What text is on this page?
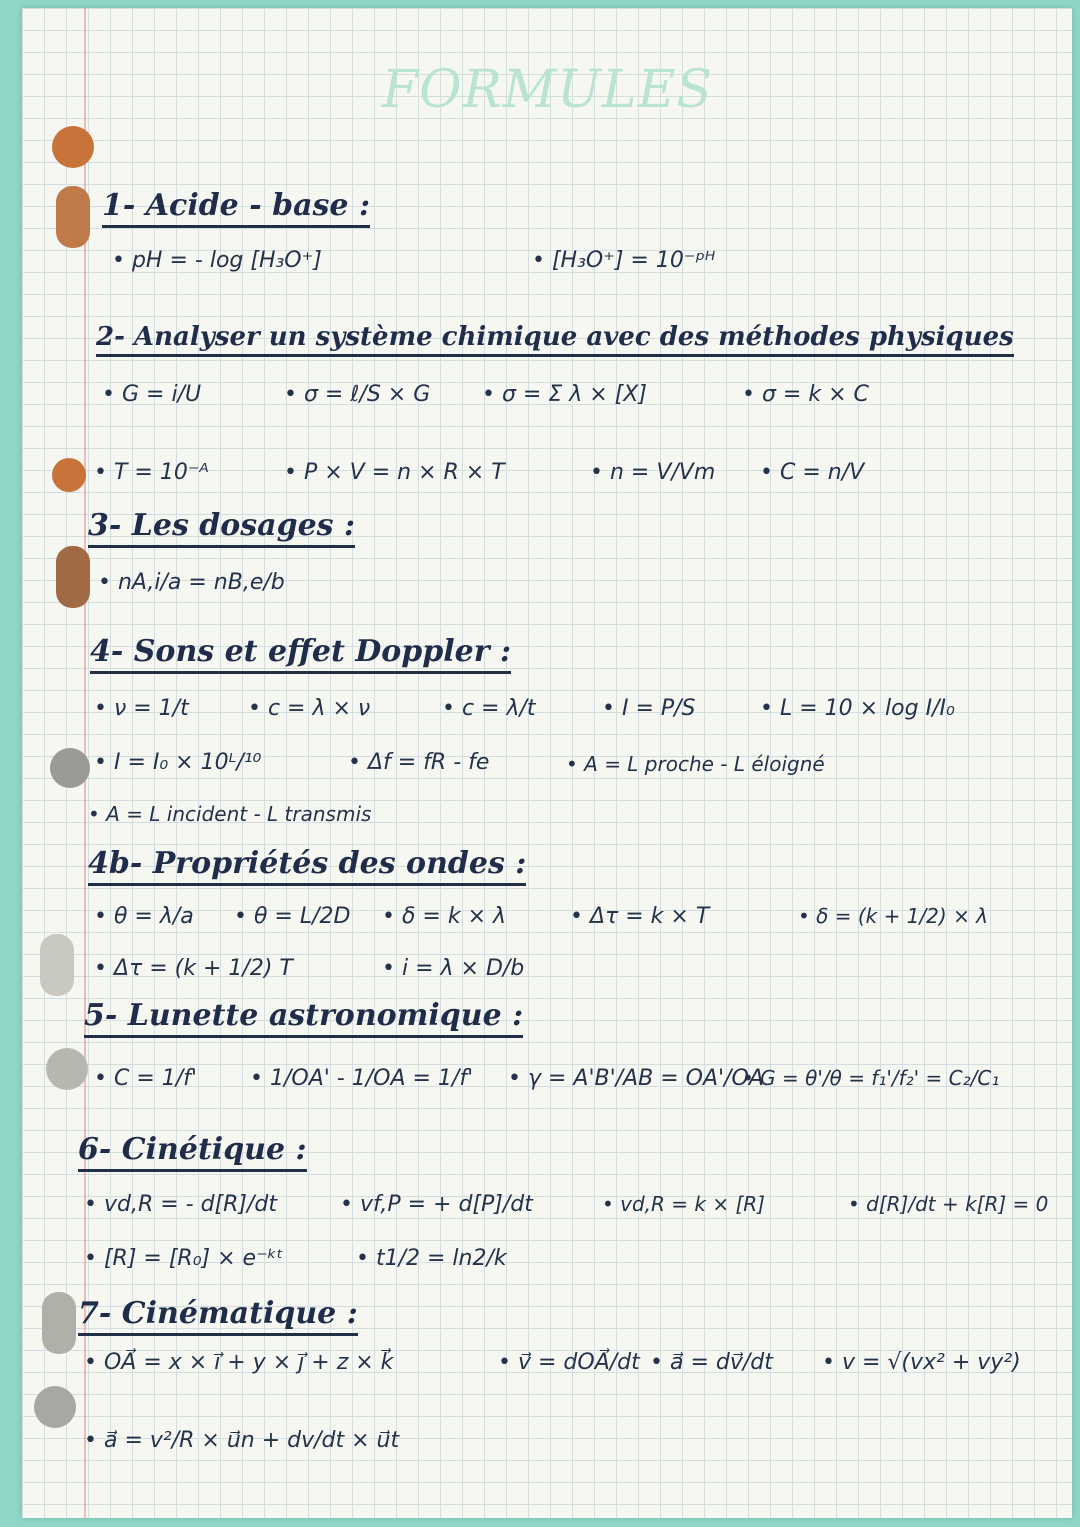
FORMULES
1- Acide - base :
• pH = - log [H₃O⁺]	• [H₃O⁺] = 10⁻ᵖᴴ
2- Analyser un système chimique avec des méthodes physiques
• G = i/U	• σ = ℓ/S × G • σ = Σ λ × [X]	• σ = k × C
• T = 10⁻ᴬ	• P × V = n × R × T	• n = V/Vm • C = n/V
3- Les dosages :
• nA,i/a = nB,e/b
4- Sons et effet Doppler :
• ν = 1/t	• c = λ × ν	• c = λ/t	• I = P/S	• L = 10 × log I/I₀
• I = I₀ × 10ᴸ/¹⁰	• Δf = fR - fe	• A = L proche - L éloigné
• A = L incident - L transmis
4b- Propriétés des ondes :
• θ = λ/a • θ = L/2D • δ = k × λ	• Δτ = k × T	• δ = (k + 1/2) × λ
• Δτ = (k + 1/2) T	• i = λ × D/b
5- Lunette astronomique :
• C = 1/f' • 1/OA' - 1/OA = 1/f' • γ = A'B'/AB = OA'/OA
• G = θ'/θ = f₁'/f₂' = C₂/C₁
6- Cinétique :
• vd,R = - d[R]/dt	• vf,P = + d[P]/dt	• vd,R = k × [R]	• d[R]/dt + k[R] = 0
• [R] = [R₀] × e⁻ᵏᵗ	• t1/2 = ln2/k
7- Cinématique :
• OA⃗ = x × i⃗ + y × j⃗ + z × k⃗	• v⃗ = dOA⃗/dt • a⃗ = dv⃗/dt • v = √(vx² + vy²)
• a⃗ = v²/R × u⃗n + dv/dt × u⃗t
